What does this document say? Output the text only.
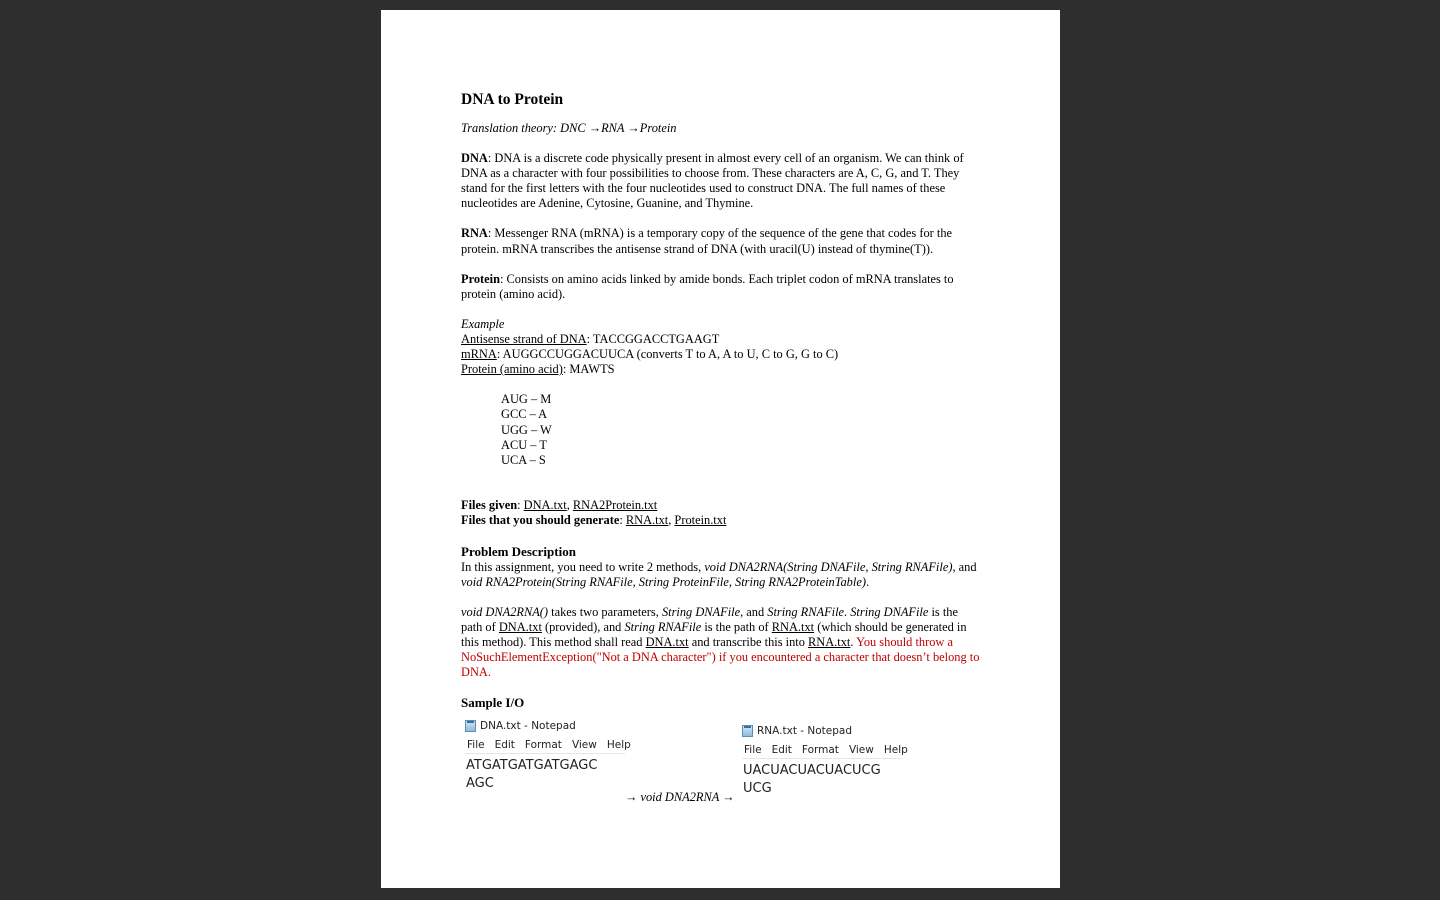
DNA to Protein

Translation theory: DNC →RNA →Protein

DNA: DNA is a discrete code physically present in almost every cell of an organism. We can think of DNA as a character with four possibilities to choose from. These characters are A, C, G, and T. They stand for the first letters with the four nucleotides used to construct DNA. The full names of these nucleotides are Adenine, Cytosine, Guanine, and Thymine.

RNA: Messenger RNA (mRNA) is a temporary copy of the sequence of the gene that codes for the protein. mRNA transcribes the antisense strand of DNA (with uracil(U) instead of thymine(T)).

Protein: Consists on amino acids linked by amide bonds. Each triplet codon of mRNA translates to protein (amino acid).

Example
Antisense strand of DNA: TACCGGACCTGAAGT
mRNA: AUGGCCUGGACUUCA (converts T to A, A to U, C to G, G to C)
Protein (amino acid): MAWTS

AUG – M
GCC – A
UGG – W
ACU – T
UCA – S

Files given: DNA.txt, RNA2Protein.txt
Files that you should generate: RNA.txt, Protein.txt

Problem Description

In this assignment, you need to write 2 methods, void DNA2RNA(String DNAFile, String RNAFile), and void RNA2Protein(String RNAFile, String ProteinFile, String RNA2ProteinTable).

void DNA2RNA() takes two parameters, String DNAFile, and String RNAFile. String DNAFile is the path of DNA.txt (provided), and String RNAFile is the path of RNA.txt (which should be generated in this method). This method shall read DNA.txt and transcribe this into RNA.txt. You should throw a NoSuchElementException("Not a DNA character") if you encountered a character that doesn’t belong to DNA.

Sample I/O
DNA.txt - Notepad
File Edit Format View Help
ATGATGATGATGAGC
AGC
→ void DNA2RNA →
RNA.txt - Notepad
File Edit Format View Help
UACUACUACUACUCG
UCG
